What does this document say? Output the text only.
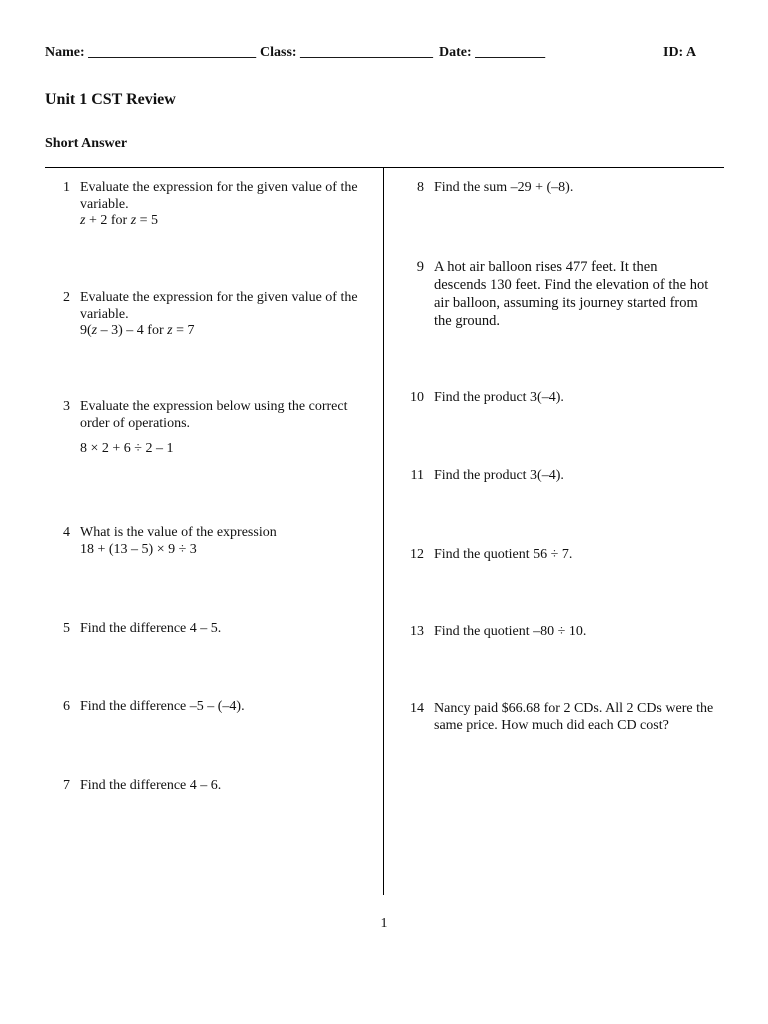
Name: ________________________ Class: ___________________ Date: __________	ID: A
Unit 1 CST Review
Short Answer
1 Evaluate the expression for the given value of the
variable.
z + 2 for z = 5
2 Evaluate the expression for the given value of the
variable.
9(z – 3) – 4 for z = 7
3 Evaluate the expression below using the correct
order of operations.
8 × 2 + 6 ÷ 2 – 1
4 What is the value of the expression
18 + (13 – 5) × 9 ÷ 3
5 Find the difference 4 – 5.
6 Find the difference –5 – (–4).
7 Find the difference 4 – 6.
8 Find the sum –29 + (–8).
9 A hot air balloon rises 477 feet. It then
descends 130 feet. Find the elevation of the hot
air balloon, assuming its journey started from
the ground.
10 Find the product 3(–4).
11 Find the product 3(–4).
12 Find the quotient 56 ÷ 7.
13 Find the quotient –80 ÷ 10.
14 Nancy paid $66.68 for 2 CDs. All 2 CDs were the
same price. How much did each CD cost?
1
